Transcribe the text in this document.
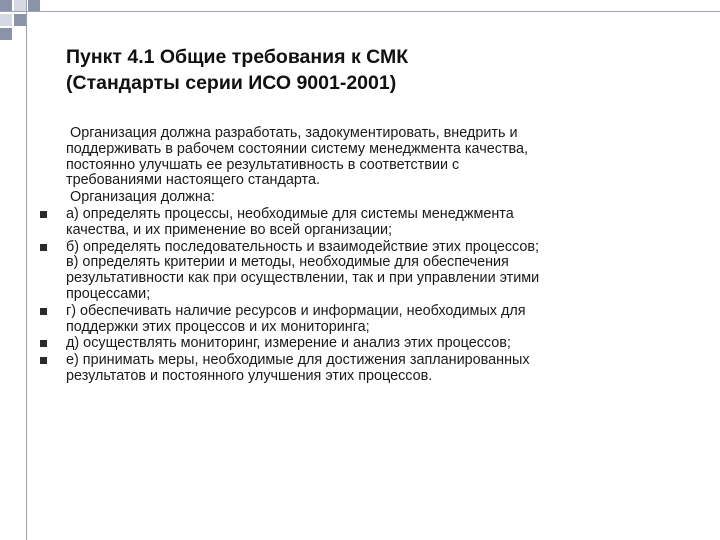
Пункт 4.1 Общие требования к СМК
(Стандарты серии ИСО 9001-2001)
Организация должна разработать, задокументировать, внедрить и
поддерживать в рабочем состоянии систему менеджмента качества,
постоянно улучшать ее результативность в соответствии с
требованиями настоящего стандарта.
Организация должна:
а) определять процессы, необходимые для системы менеджмента
качества, и их применение во всей организации;
б) определять последовательность и взаимодействие этих процессов;
в) определять критерии и методы, необходимые для обеспечения
результативности как при осуществлении, так и при управлении этими
процессами;
г) обеспечивать наличие ресурсов и информации, необходимых для
поддержки этих процессов и их мониторинга;
д) осуществлять мониторинг, измерение и анализ этих процессов;
е) принимать меры, необходимые для достижения запланированных
результатов и постоянного улучшения этих процессов.
